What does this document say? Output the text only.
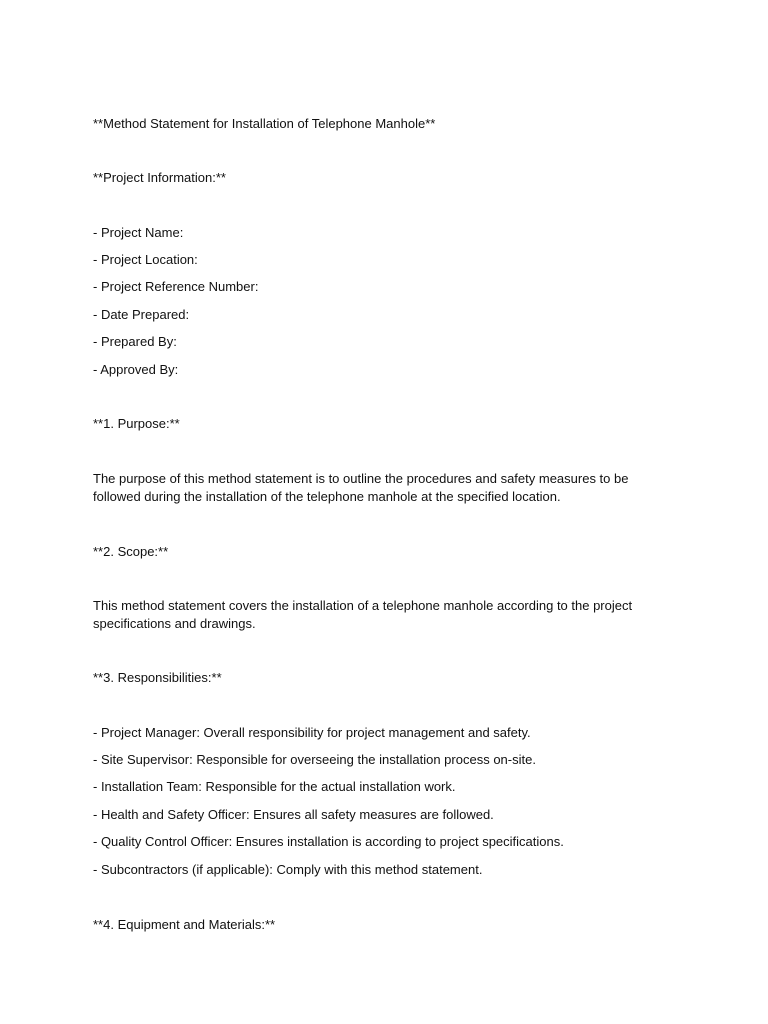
**Method Statement for Installation of Telephone Manhole**
**Project Information:**
- Project Name:
- Project Location:
- Project Reference Number:
- Date Prepared:
- Prepared By:
- Approved By:
**1. Purpose:**
The purpose of this method statement is to outline the procedures and safety measures to be followed during the installation of the telephone manhole at the specified location.
**2. Scope:**
This method statement covers the installation of a telephone manhole according to the project specifications and drawings.
**3. Responsibilities:**
- Project Manager: Overall responsibility for project management and safety.
- Site Supervisor: Responsible for overseeing the installation process on-site.
- Installation Team: Responsible for the actual installation work.
- Health and Safety Officer: Ensures all safety measures are followed.
- Quality Control Officer: Ensures installation is according to project specifications.
- Subcontractors (if applicable): Comply with this method statement.
**4. Equipment and Materials:**
